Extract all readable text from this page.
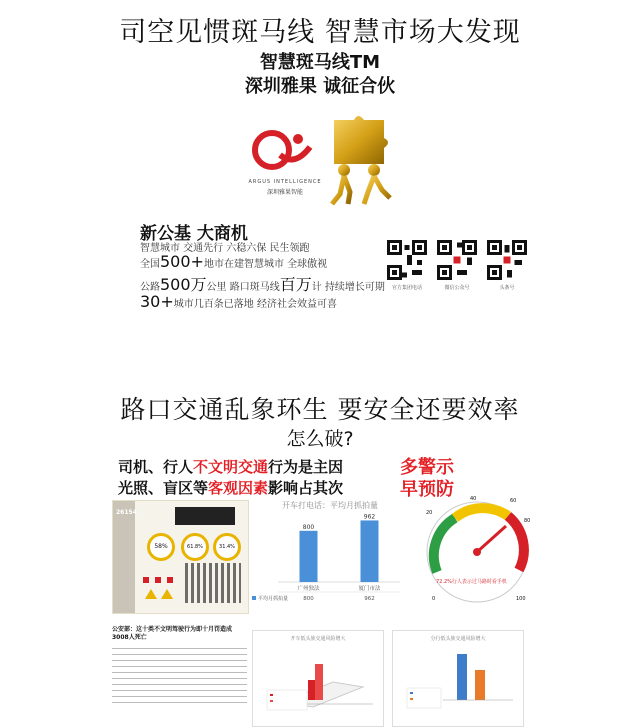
司空见惯斑马线 智慧市场大发现
智慧斑马线TM
深圳雅果 诚征合伙
ARGUS INTELLIGENCE
深圳雅果智能
新公基 大商机
智慧城市 交通先行 六稳六保 民生领跑
全国500+地市在建智慧城市 全球傲视
公路500万公里 路口斑马线百万计 持续增长可期
30+城市几百条已落地 经济社会效益可喜
官方集团电话	微信公众号	头条号
路口交通乱象环生 要安全还要效率
怎么破?
司机、行人不文明交通行为是主因
光照、盲区等客观因素影响占其次
多警示
早预防
26154
58%	61.8%	31.4%
开车打电话：平均月抓拍量
800
广州独法
800
962
厦门市法
962
平均月抓拍量
40	60
20
80
0	100
72.2%行人表示过马路时看手机
公安部：这十类不文明驾驶行为即十月罚造成3008人死亡	开车低头族交通风险增大	分行低头族交通风险增大
